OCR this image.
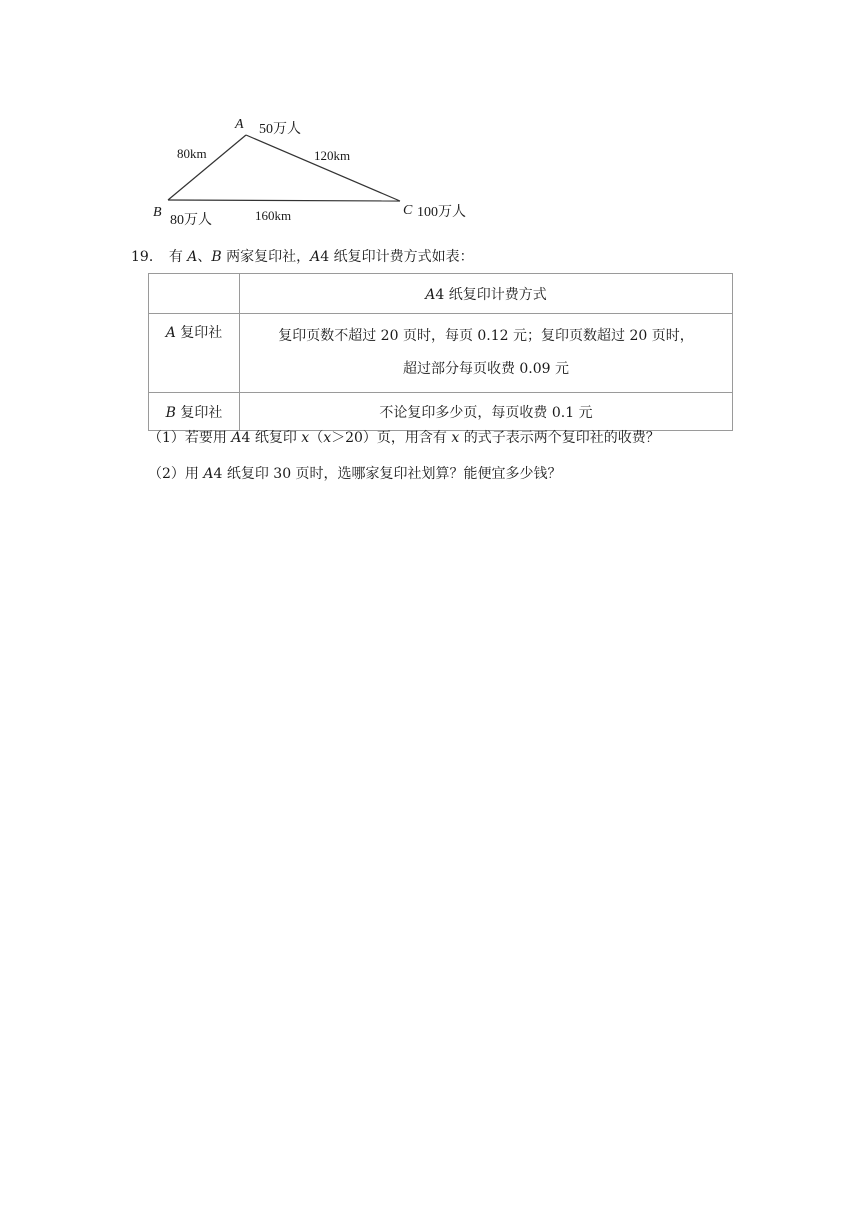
A 50万人
80km	120km
B
80万人	160km	C 100万人
19． 有 A、B 两家复印社，A4 纸复印计费方式如表：
	A4 纸复印计费方式
A 复印社	复印页数不超过 20 页时，每页 0.12 元；复印页数超过 20 页时，
超过部分每页收费 0.09 元

B 复印社	不论复印多少页，每页收费 0.1 元
（1）若要用 A4 纸复印 x（x＞20）页，用含有 x 的式子表示两个复印社的收费？
（2）用 A4 纸复印 30 页时，选哪家复印社划算？能便宜多少钱？
